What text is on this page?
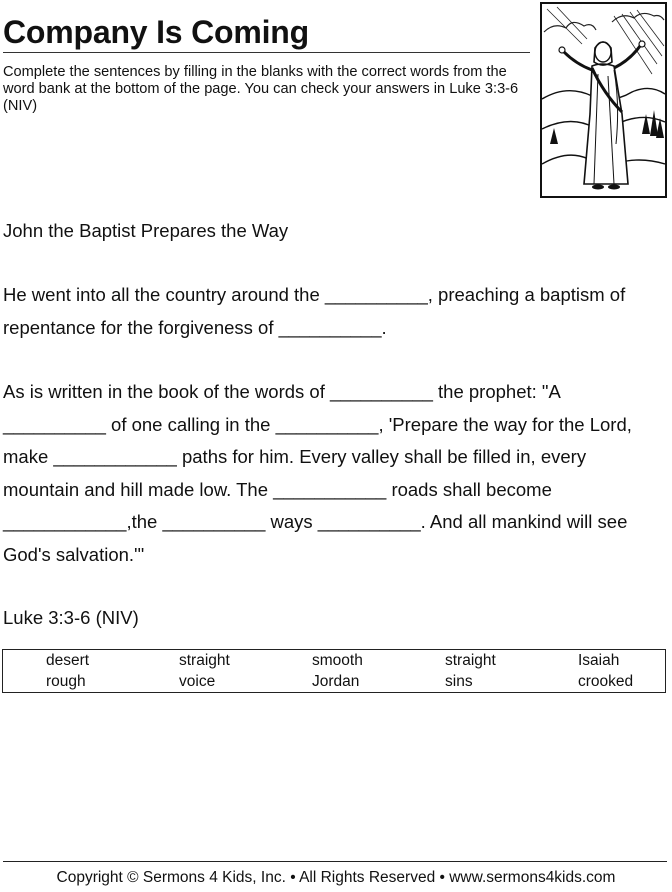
Company Is Coming
Complete the sentences by filling in the blanks with the correct words from the word bank at the bottom of the page. You can check your answers in Luke 3:3-6 (NIV)
John the Baptist Prepares the Way
He went into all the country around the __________, preaching a baptism of repentance for the forgiveness of __________.
As is written in the book of the words of __________ the prophet: "A __________ of one calling in the __________, 'Prepare the way for the Lord, make ____________ paths for him. Every valley shall be filled in, every mountain and hill made low. The ___________ roads shall become ____________,the __________ ways __________. And all mankind will see God's salvation.'"
Luke 3:3-6 (NIV)
desert	straight	smooth	straight	Isaiah
rough	voice	Jordan	sins	crooked
Copyright © Sermons 4 Kids, Inc. • All Rights Reserved • www.sermons4kids.com
